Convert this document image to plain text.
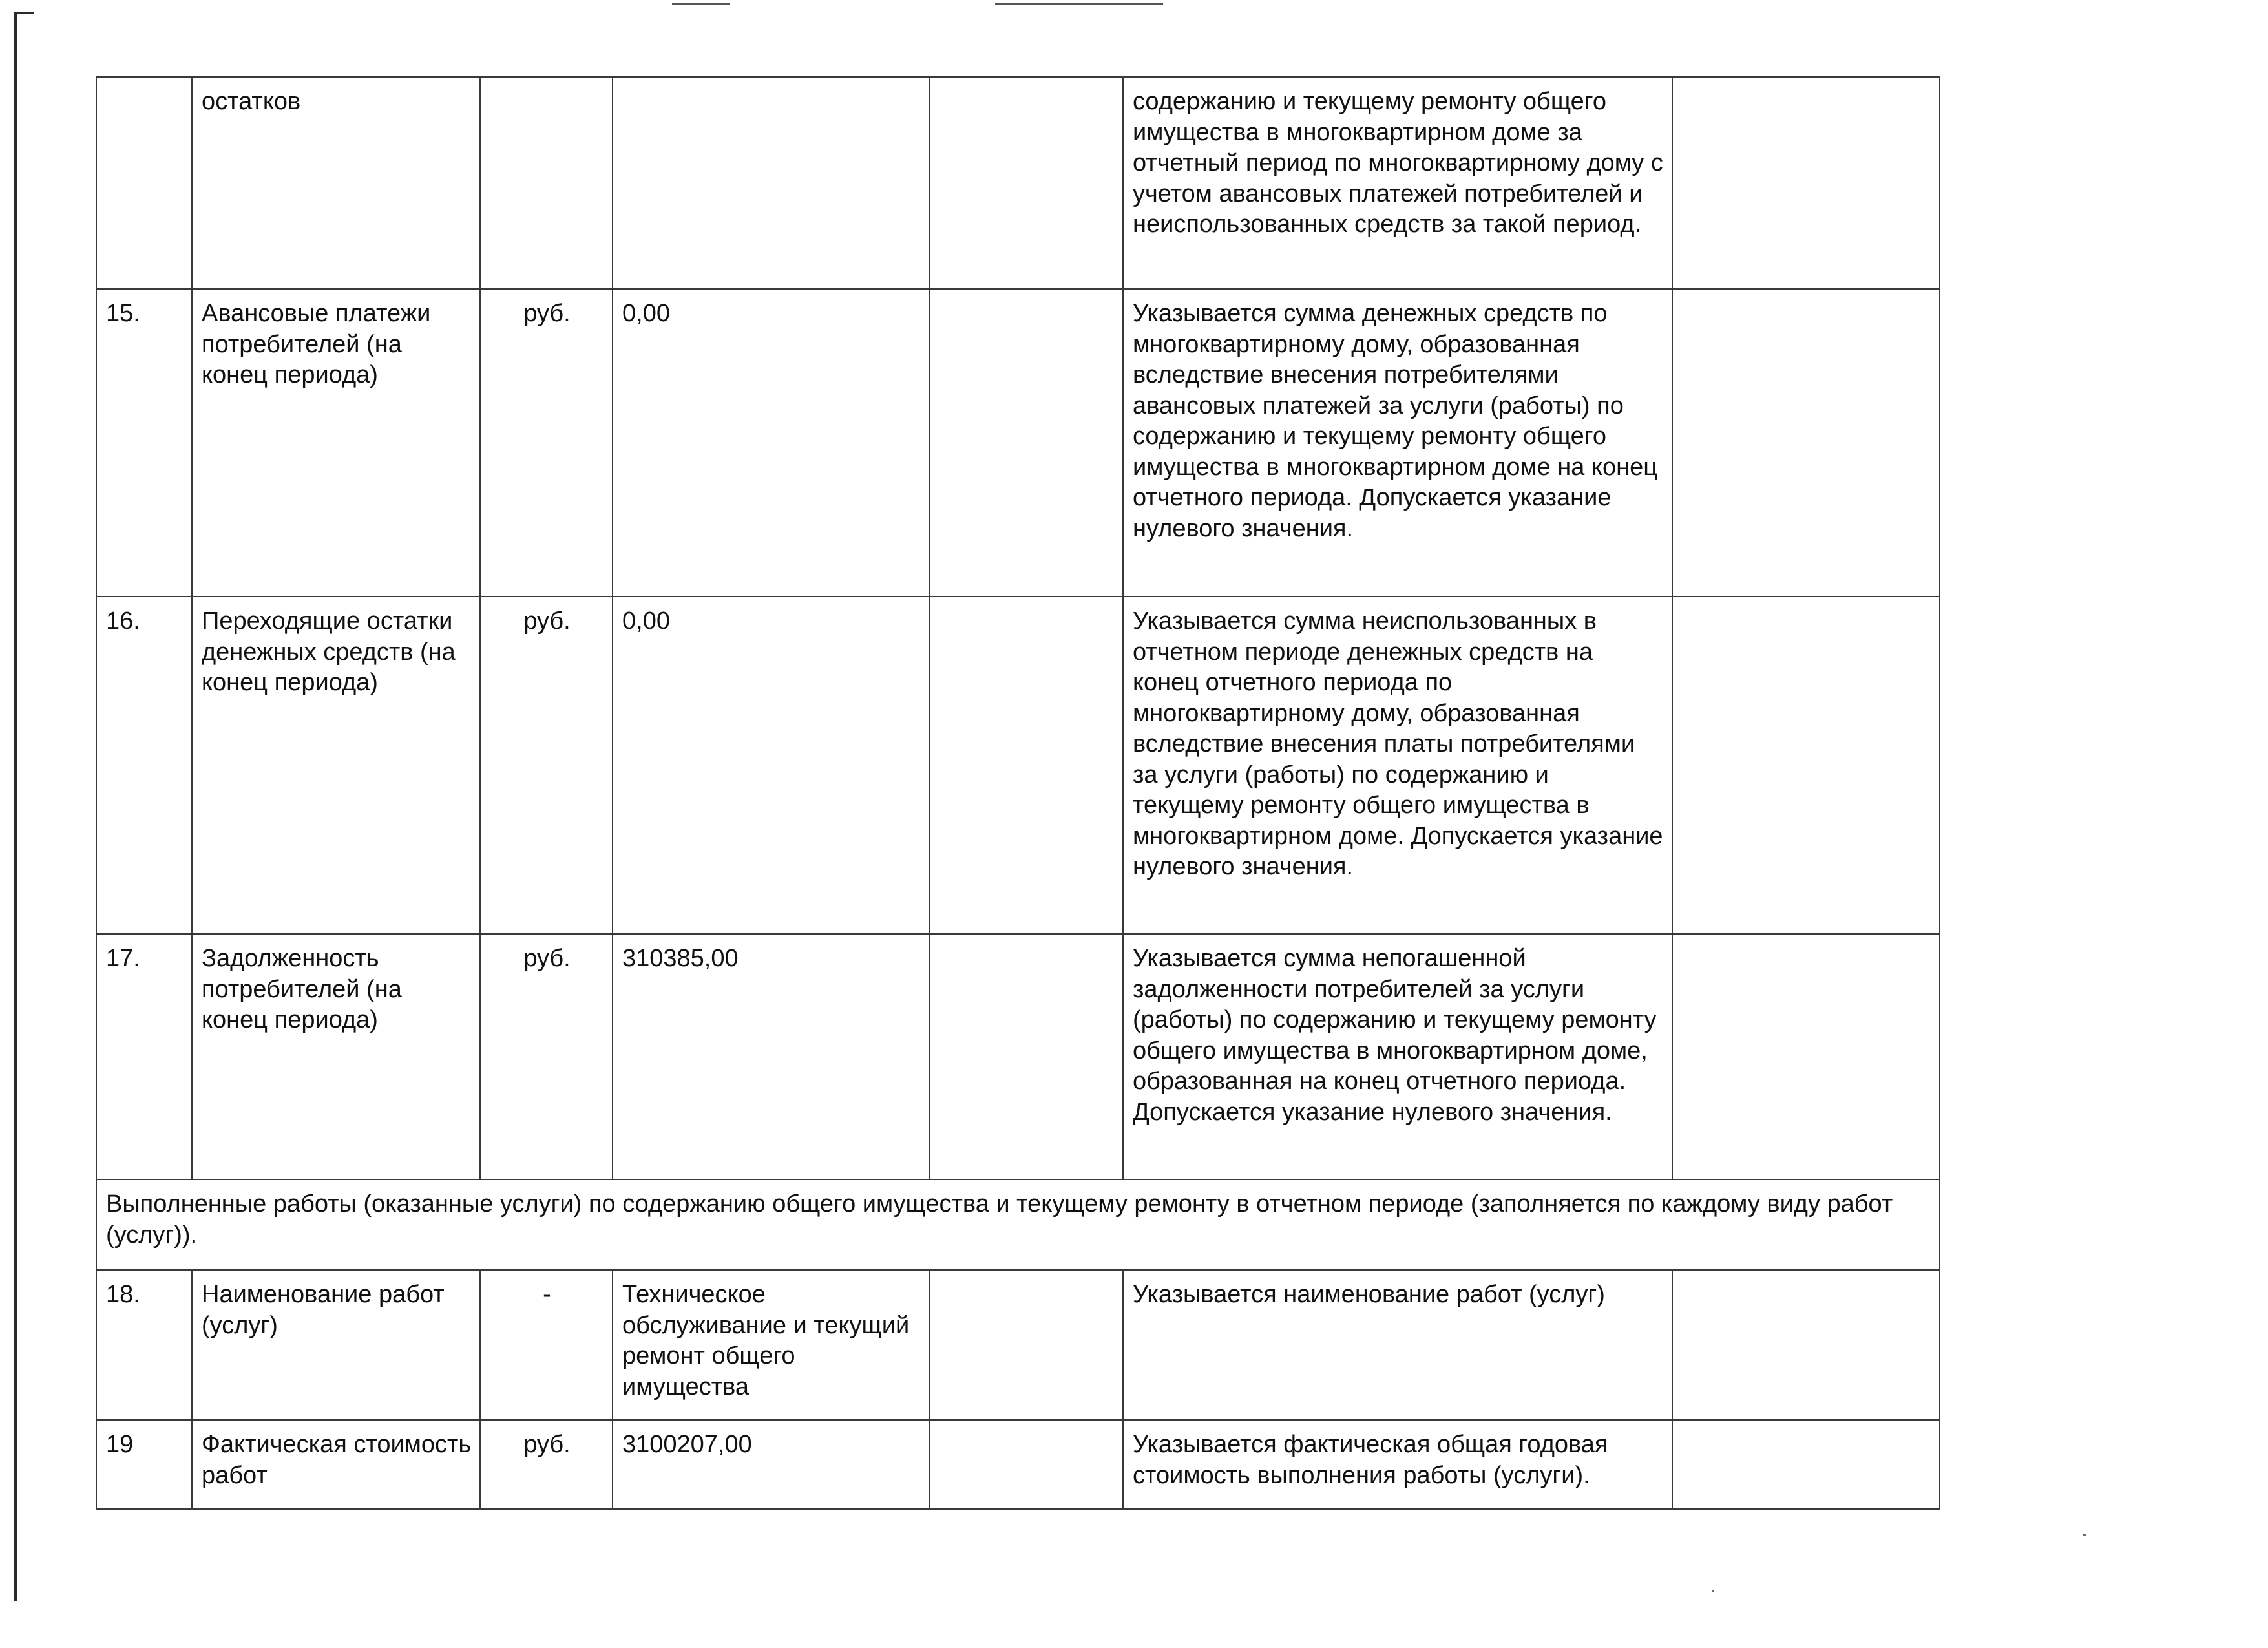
	остатков				содержанию и текущему ремонту общего имущества в многоквартирном доме за отчетный период по многоквартирному дому с учетом авансовых платежей потребителей и неиспользованных средств за такой период.	
15.	Авансовые платежи потребителей (на конец периода)	руб.	0,00		Указывается сумма денежных средств по многоквартирному дому, образованная вследствие внесения потребителями авансовых платежей за услуги (работы) по содержанию и текущему ремонту общего имущества в многоквартирном доме на конец отчетного периода. Допускается указание нулевого значения.	
16.	Переходящие остатки денежных средств (на конец периода)	руб.	0,00		Указывается сумма неиспользованных в отчетном периоде денежных средств на конец отчетного периода по многоквартирному дому, образованная вследствие внесения платы потребителями за услуги (работы) по содержанию и текущему ремонту общего имущества в многоквартирном доме. Допускается указание нулевого значения.	
17.	Задолженность потребителей (на конец периода)	руб.	310385,00		Указывается сумма непогашенной задолженности потребителей за услуги (работы) по содержанию и текущему ремонту общего имущества в многоквартирном доме, образованная на конец отчетного периода. Допускается указание нулевого значения.	
Выполненные работы (оказанные услуги) по содержанию общего имущества и текущему ремонту в отчетном периоде (заполняется по каждому виду работ (услуг)).						
18.	Наименование работ (услуг)	-	Техническое обслуживание и текущий ремонт общего имущества		Указывается наименование работ (услуг)	
19	Фактическая стоимость работ	руб.	3100207,00		Указывается фактическая общая годовая стоимость выполнения работы (услуги).	
